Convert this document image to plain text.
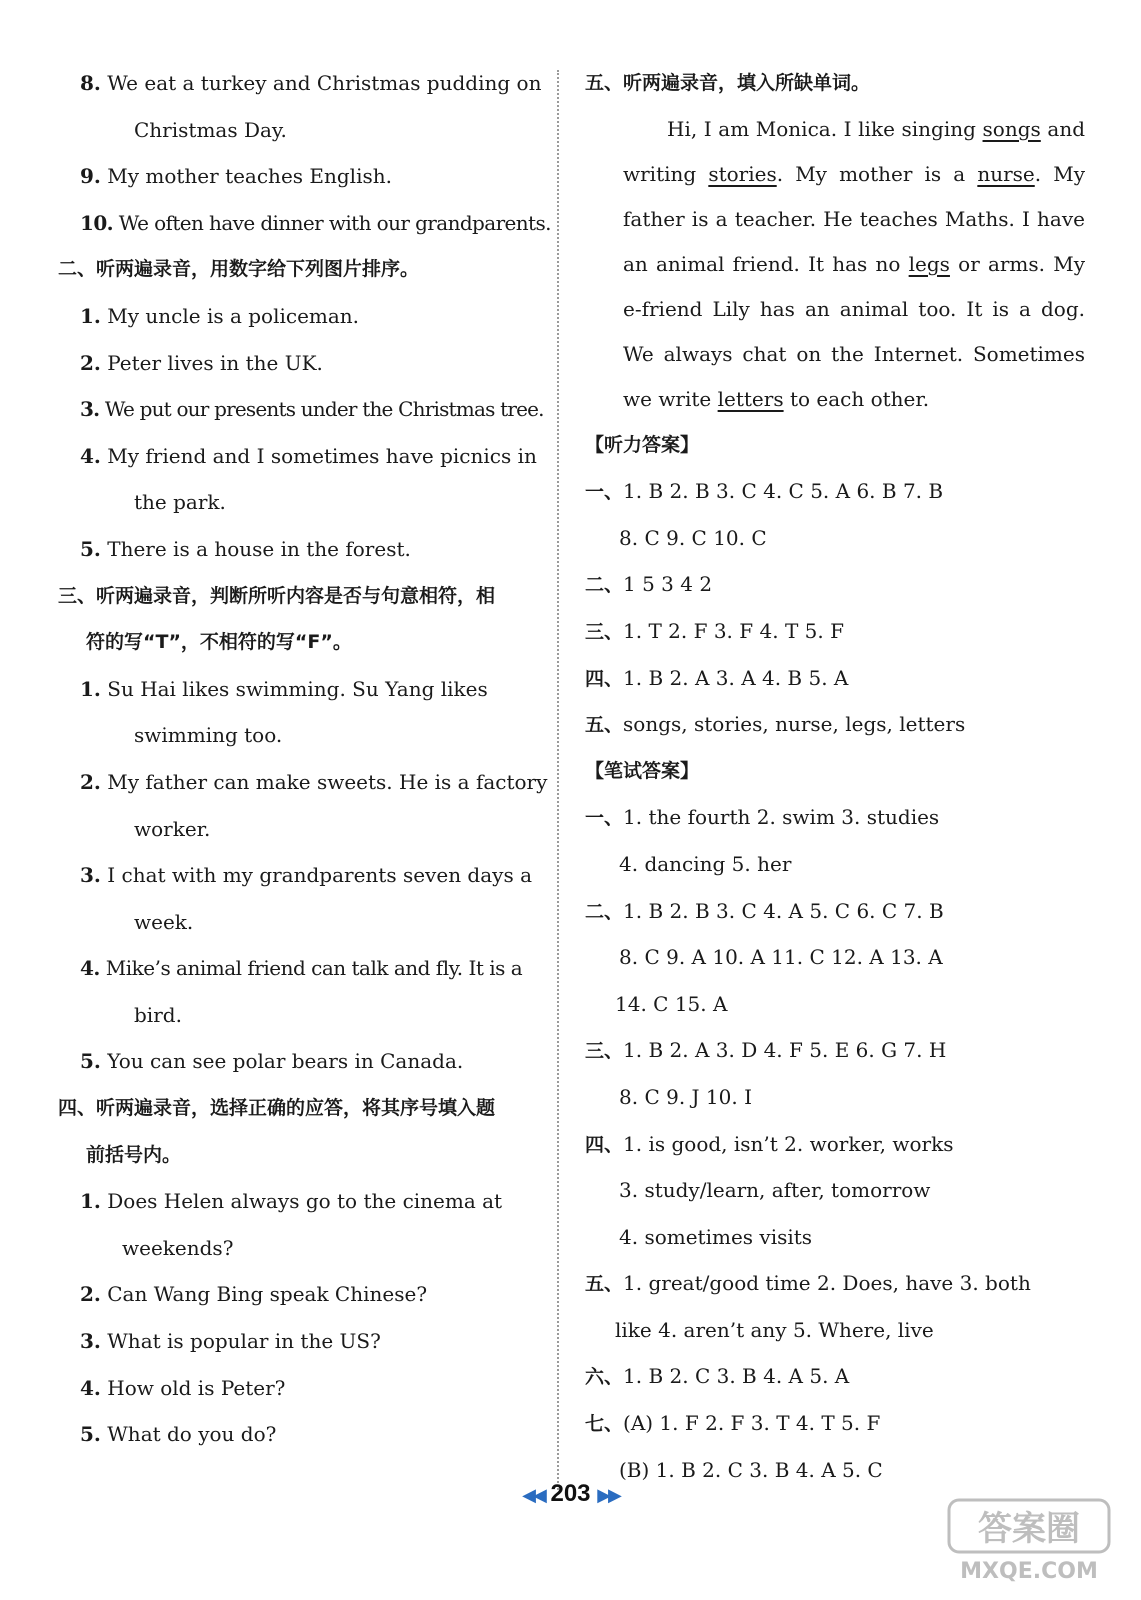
8. We eat a turkey and Christmas pudding on
Christmas Day.
9. My mother teaches English.
10. We often have dinner with our grandparents.
二、听两遍录音，用数字给下列图片排序。
1. My uncle is a policeman.
2. Peter lives in the UK.
3. We put our presents under the Christmas tree.
4. My friend and I sometimes have picnics in
the park.
5. There is a house in the forest.
三、听两遍录音，判断所听内容是否与句意相符，相
符的写“T”，不相符的写“F”。
1. Su Hai likes swimming. Su Yang likes
swimming too.
2. My father can make sweets. He is a factory
worker.
3. I chat with my grandparents seven days a
week.
4. Mike’s animal friend can talk and fly. It is a
bird.
5. You can see polar bears in Canada.
四、听两遍录音，选择正确的应答，将其序号填入题
前括号内。
1. Does Helen always go to the cinema at
weekends?
2. Can Wang Bing speak Chinese?
3. What is popular in the US?
4. How old is Peter?
5. What do you do?
五、听两遍录音，填入所缺单词。

Hi, I am Monica. I like singing songs and writing stories. My mother is a nurse. My father is a teacher. He teaches Maths. I have an animal friend. It has no legs or arms. My e-friend Lily has an animal too. It is a dog. We always chat on the Internet. Sometimes we write letters to each other.

【听力答案】
一、1. B 2. B 3. C 4. C 5. A 6. B 7. B
8. C 9. C 10. C
二、1 5 3 4 2
三、1. T 2. F 3. F 4. T 5. F
四、1. B 2. A 3. A 4. B 5. A
五、songs, stories, nurse, legs, letters
【笔试答案】
一、1. the fourth 2. swim 3. studies
4. dancing 5. her
二、1. B 2. B 3. C 4. A 5. C 6. C 7. B
8. C 9. A 10. A 11. C 12. A 13. A
14. C 15. A
三、1. B 2. A 3. D 4. F 5. E 6. G 7. H
8. C 9. J 10. I
四、1. is good, isn’t 2. worker, works
3. study/learn, after, tomorrow
4. sometimes visits
五、1. great/good time 2. Does, have 3. both
like 4. aren’t any 5. Where, live
六、1. B 2. C 3. B 4. A 5. A
七、(A) 1. F 2. F 3. T 4. T 5. F
(B) 1. B 2. C 3. B 4. A 5. C
◀◀ 203 ▶▶
答案圈
MXQE.COM
